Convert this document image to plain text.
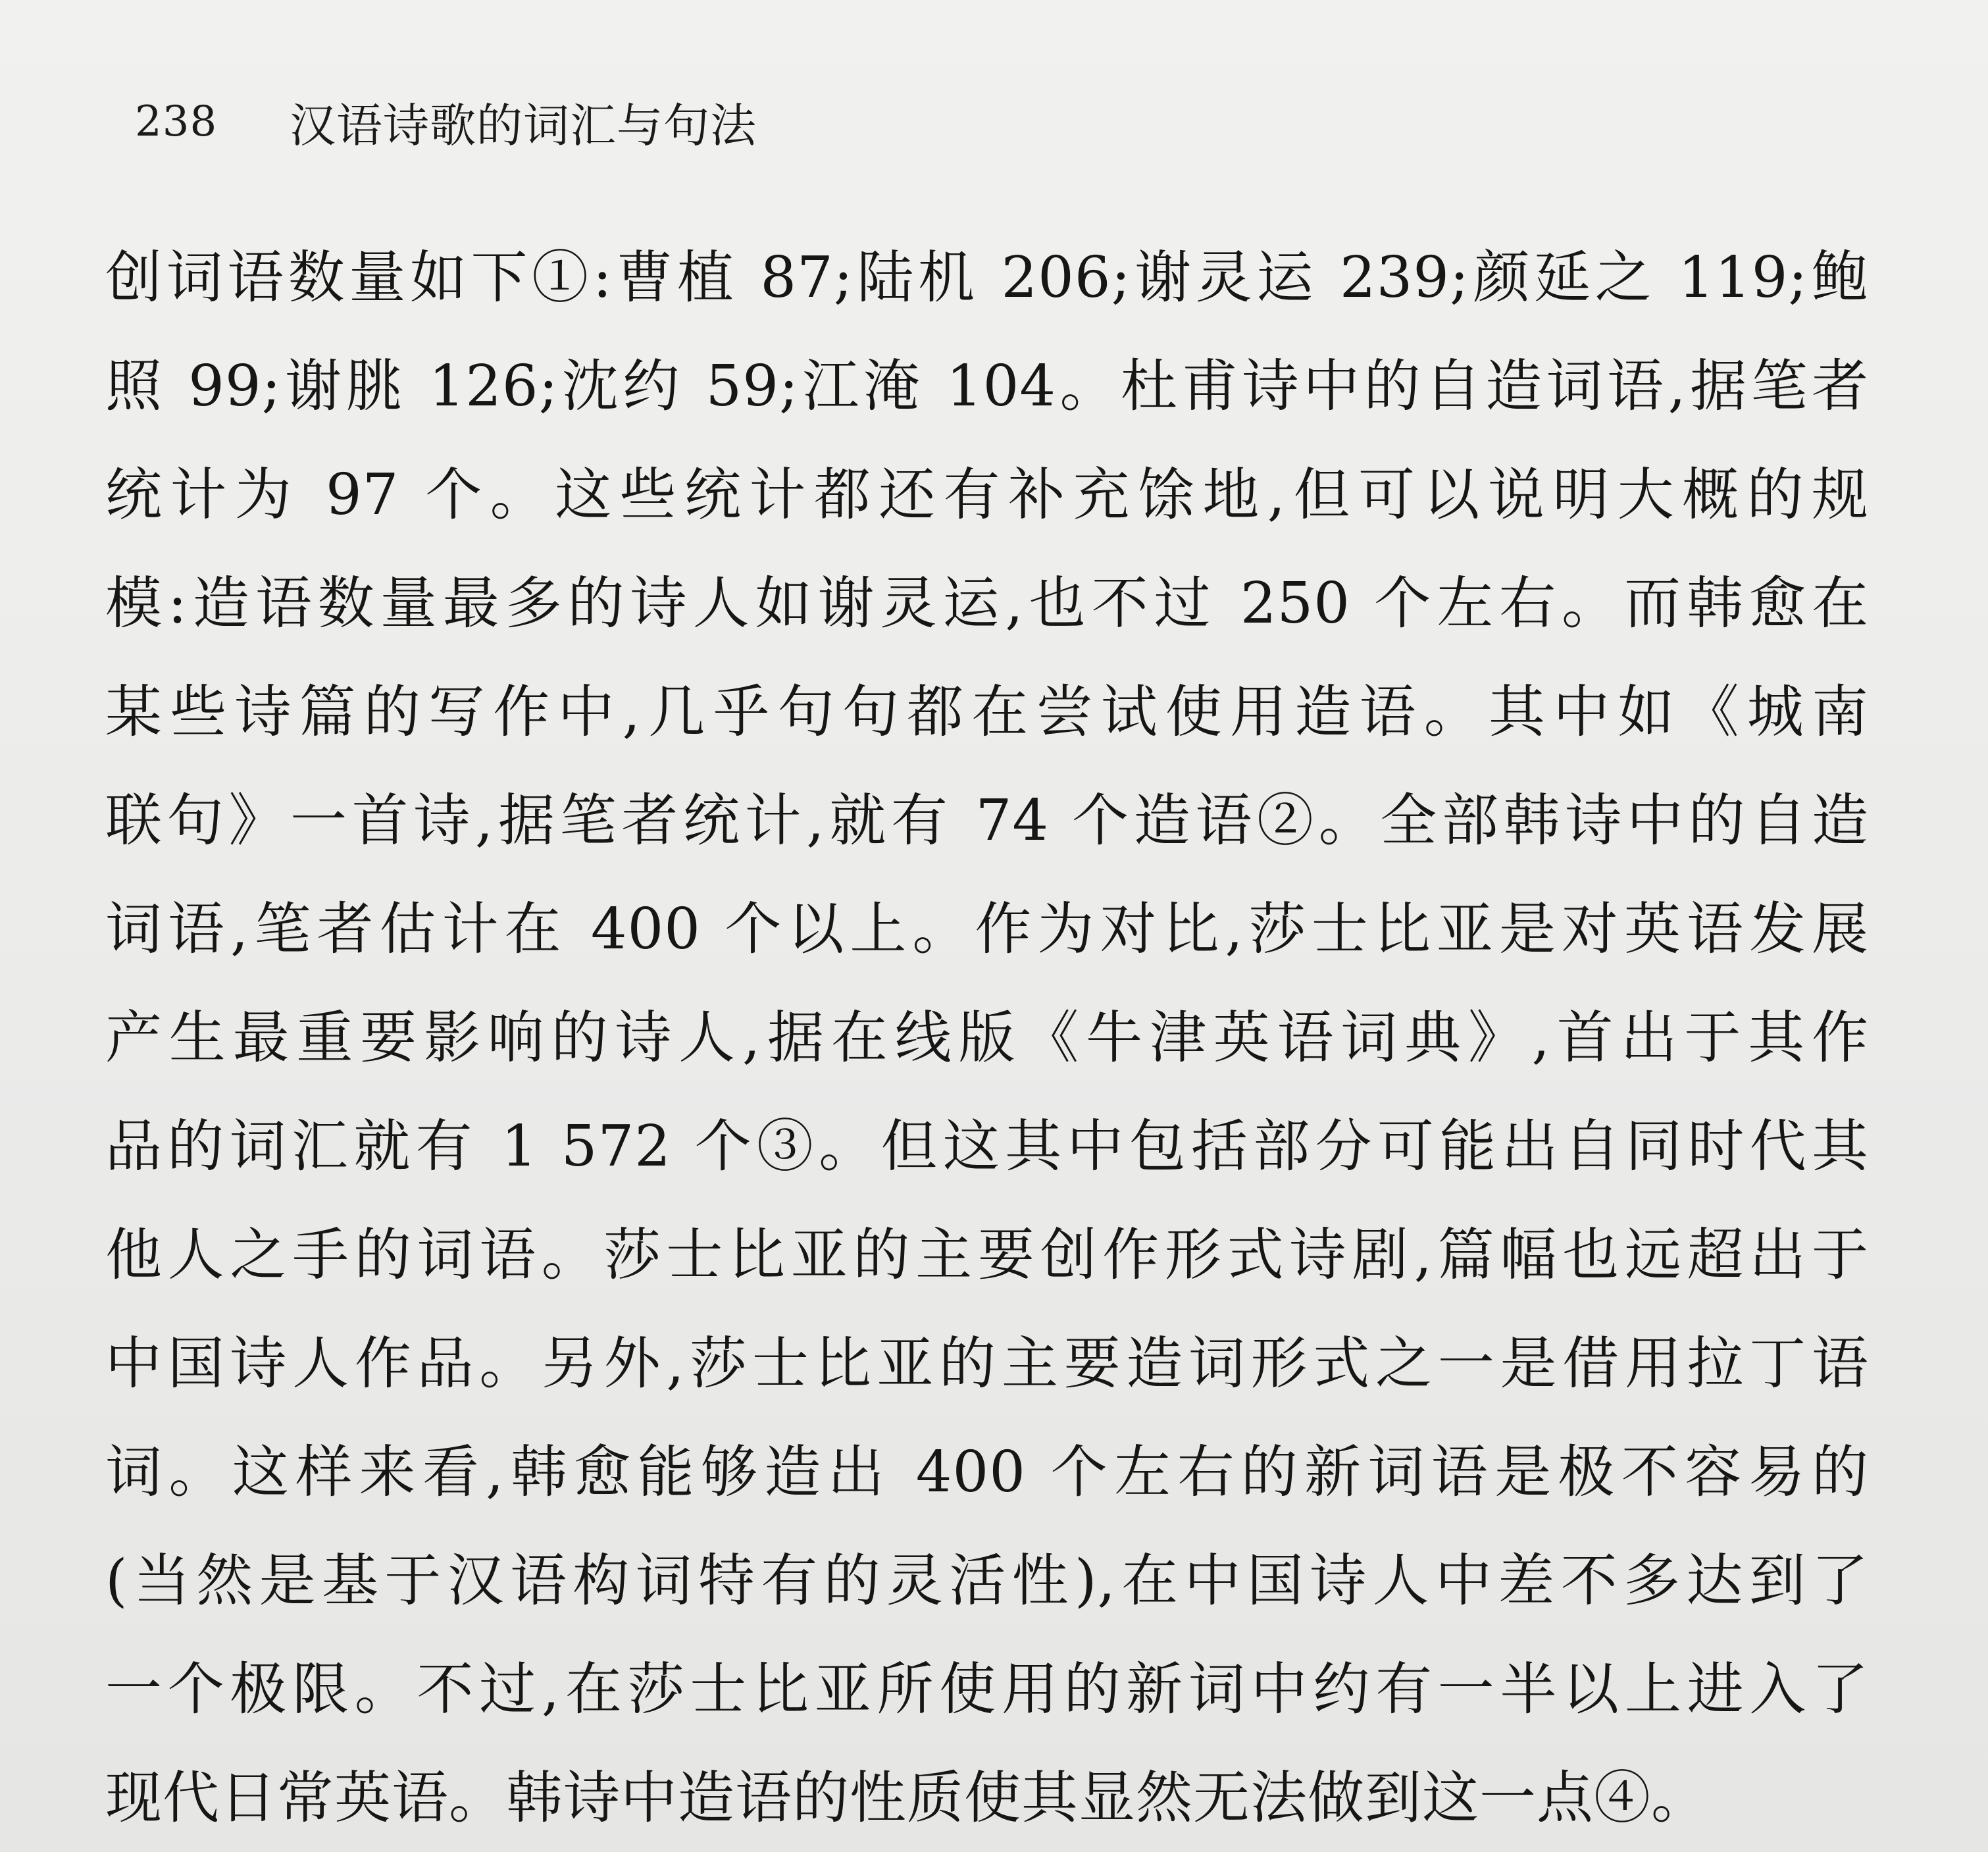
238	汉语诗歌的词汇与句法
创词语数量如下①:曹植 87;陆机 206;谢灵运 239;颜延之 119;鲍
照 99;谢朓 126;沈约 59;江淹 104。杜甫诗中的自造词语,据笔者
统计为 97 个。这些统计都还有补充馀地,但可以说明大概的规
模:造语数量最多的诗人如谢灵运,也不过 250 个左右。而韩愈在
某些诗篇的写作中,几乎句句都在尝试使用造语。其中如《城南
联句》一首诗,据笔者统计,就有 74 个造语②。全部韩诗中的自造
词语,笔者估计在 400 个以上。作为对比,莎士比亚是对英语发展
产生最重要影响的诗人,据在线版《牛津英语词典》,首出于其作
品的词汇就有 1 572 个③。但这其中包括部分可能出自同时代其
他人之手的词语。莎士比亚的主要创作形式诗剧,篇幅也远超出于
中国诗人作品。另外,莎士比亚的主要造词形式之一是借用拉丁语
词。这样来看,韩愈能够造出 400 个左右的新词语是极不容易的
(当然是基于汉语构词特有的灵活性),在中国诗人中差不多达到了
一个极限。不过,在莎士比亚所使用的新词中约有一半以上进入了
现代日常英语。韩诗中造语的性质使其显然无法做到这一点④。
